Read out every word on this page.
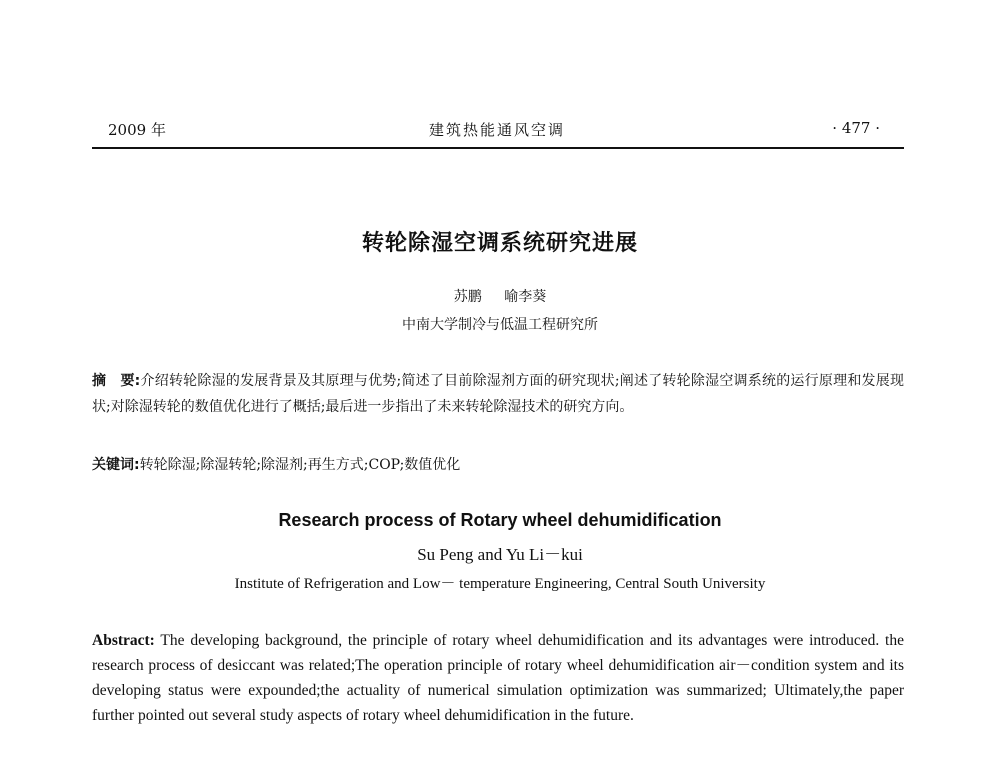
2009 年	建筑热能通风空调	· 477 ·
转轮除湿空调系统研究进展
苏鹏 喻李葵
中南大学制冷与低温工程研究所

摘　要:介绍转轮除湿的发展背景及其原理与优势;简述了目前除湿剂方面的研究现状;阐述了转轮除湿空调系统的运行原理和发展现状;对除湿转轮的数值优化进行了概括;最后进一步指出了未来转轮除湿技术的研究方向。

关键词:转轮除湿;除湿转轮;除湿剂;再生方式;COP;数值优化

Research process of Rotary wheel dehumidification
Su Peng and Yu Li－kui
Institute of Refrigeration and Low－ temperature Engineering, Central South University

Abstract: The developing background, the principle of rotary wheel dehumidification and its advantages were introduced. the research process of desiccant was related;The operation principle of rotary wheel dehumidification air－condition system and its developing status were expounded;the actuality of numerical simulation optimization was summarized; Ultimately,the paper further pointed out several study aspects of rotary wheel dehumidification in the future.
